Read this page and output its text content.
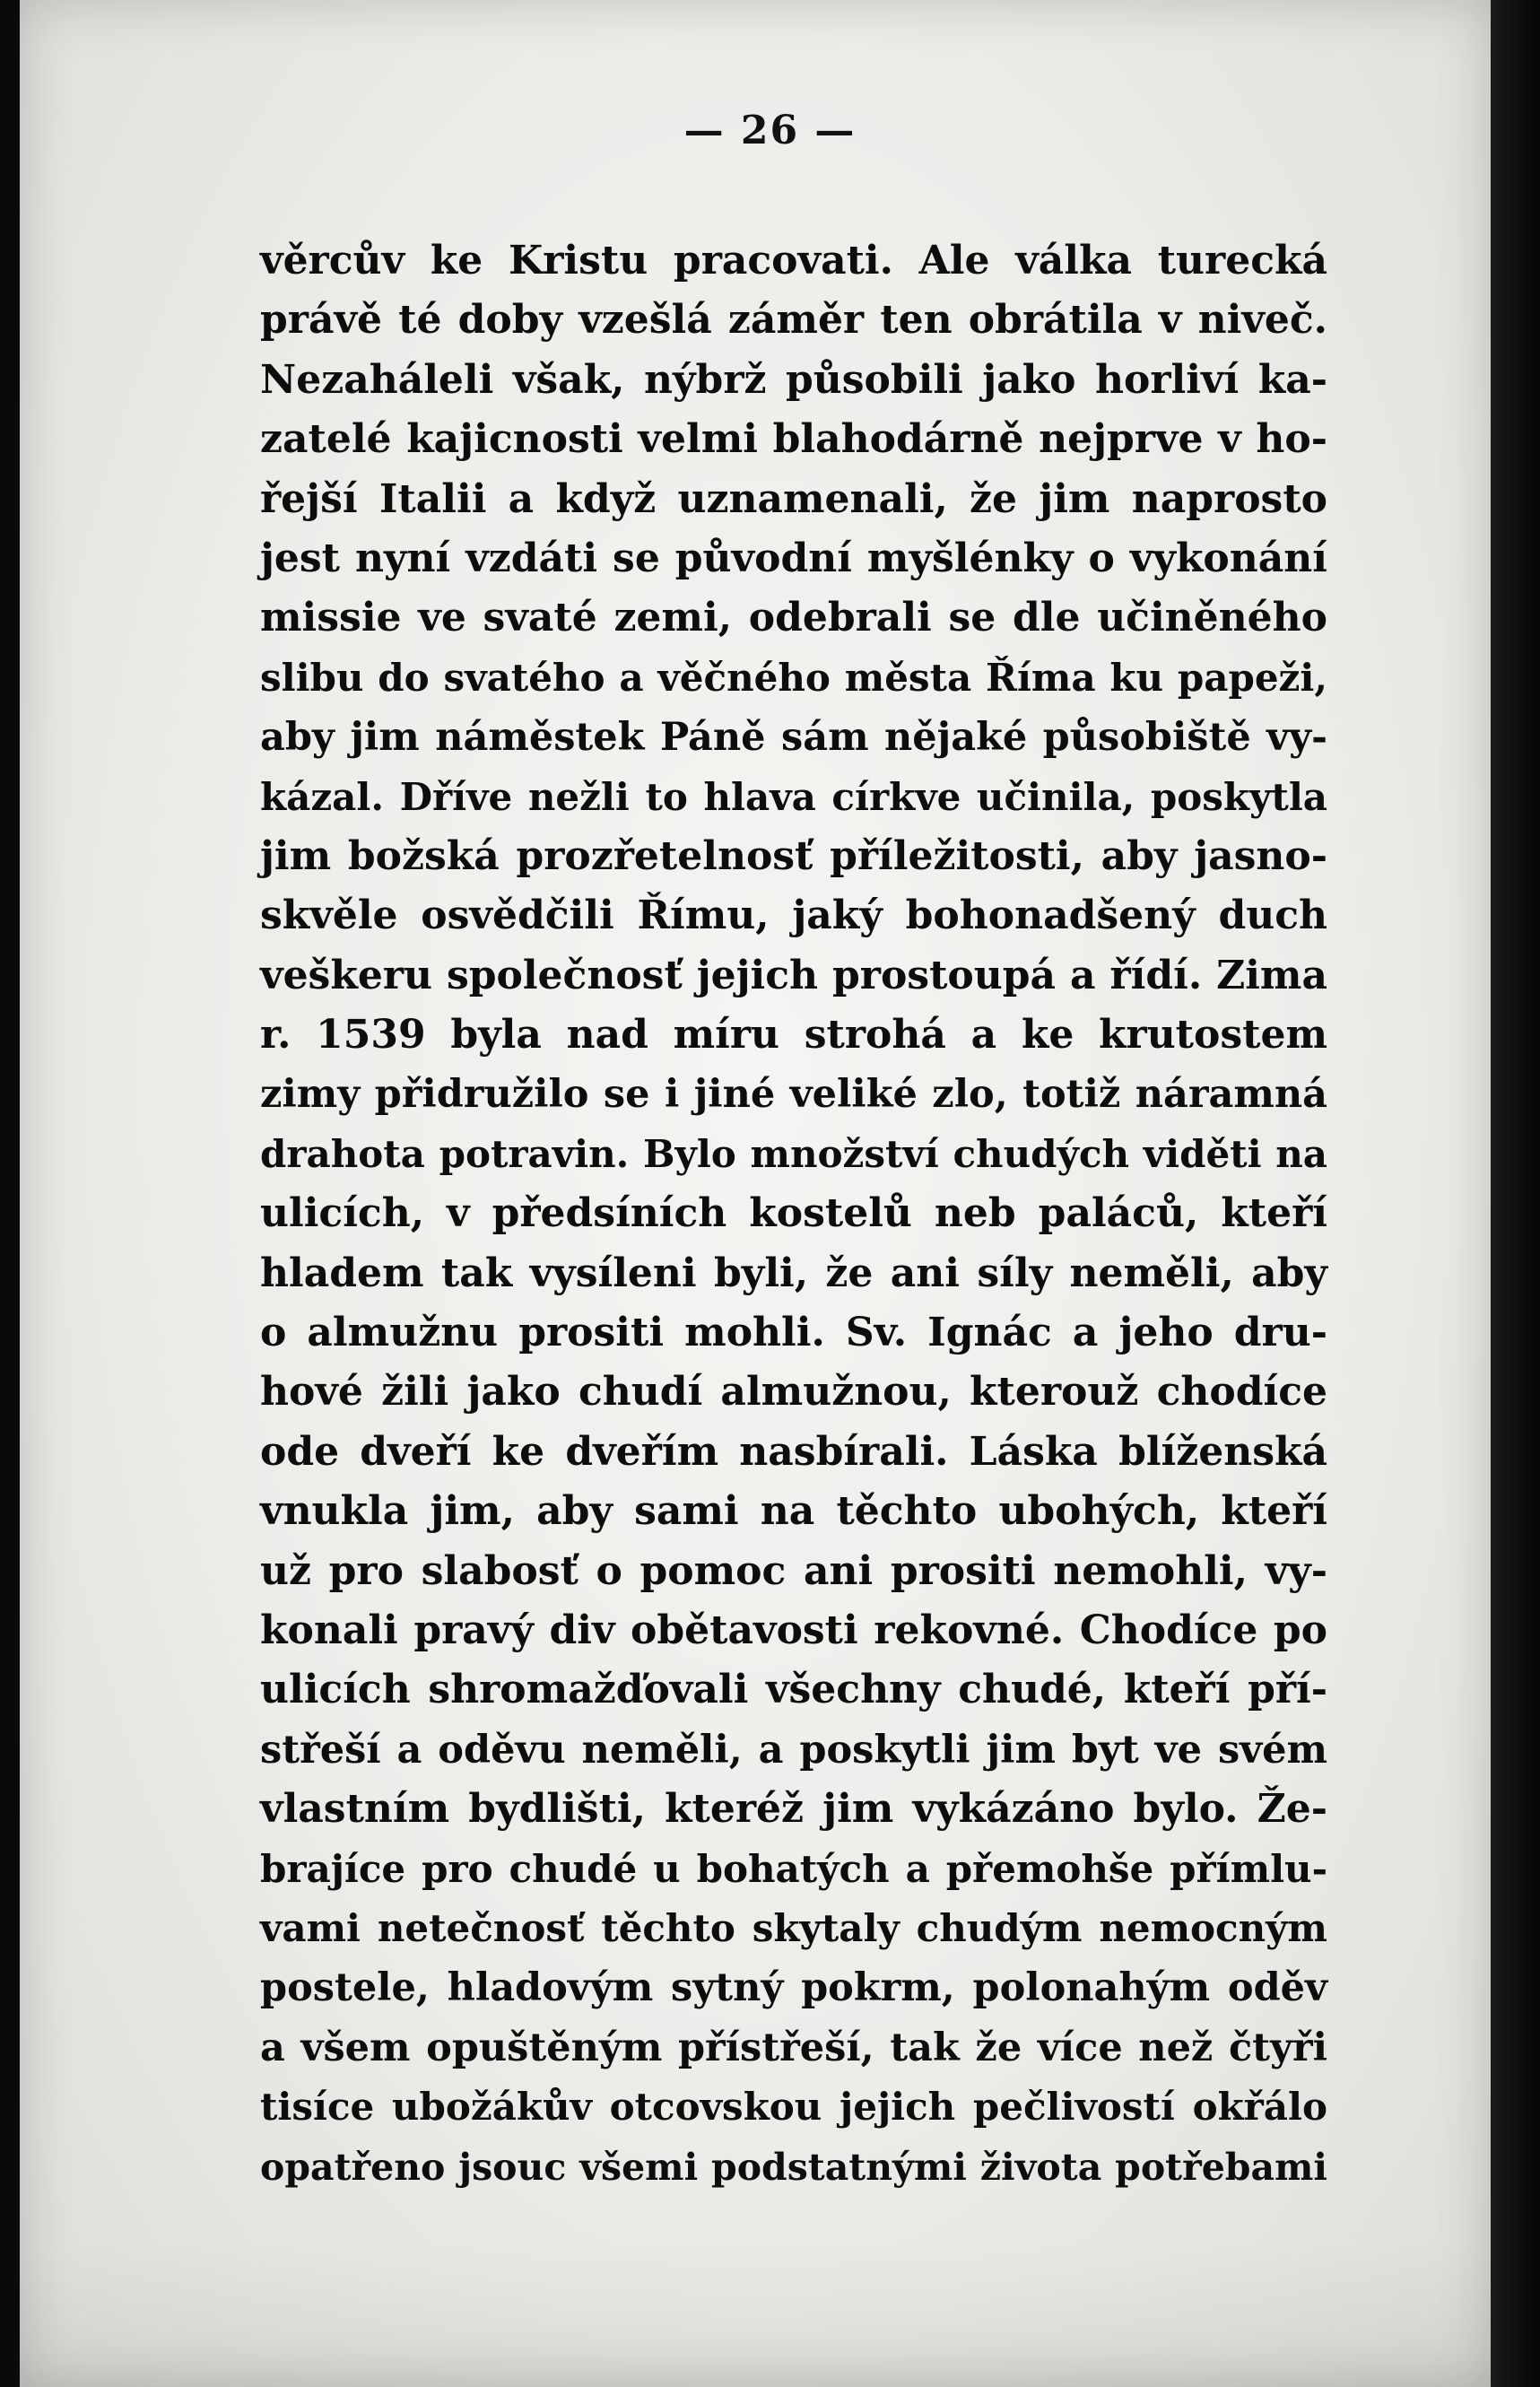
— 26 —
věrcův ke Kristu pracovati. Ale válka turecká
právě té doby vzešlá záměr ten obrátila v niveč.
Nezaháleli však, nýbrž působili jako horliví ka-
zatelé kajicnosti velmi blahodárně nejprve v ho-
řejší Italii a když uznamenali, že jim naprosto
jest nyní vzdáti se původní myšlénky o vykonání
missie ve svaté zemi, odebrali se dle učiněného
slibu do svatého a věčného města Říma ku papeži,
aby jim náměstek Páně sám nějaké působiště vy-
kázal. Dříve nežli to hlava církve učinila, poskytla
jim božská prozřetelnosť příležitosti, aby jasno-
skvěle osvědčili Římu, jaký bohonadšený duch
veškeru společnosť jejich prostoupá a řídí. Zima
r. 1539 byla nad míru strohá a ke krutostem
zimy přidružilo se i jiné veliké zlo, totiž náramná
drahota potravin. Bylo množství chudých viděti na
ulicích, v předsíních kostelů neb paláců, kteří
hladem tak vysíleni byli, že ani síly neměli, aby
o almužnu prositi mohli. Sv. Ignác a jeho dru-
hové žili jako chudí almužnou, kterouž chodíce
ode dveří ke dveřím nasbírali. Láska blíženská
vnukla jim, aby sami na těchto ubohých, kteří
už pro slabosť o pomoc ani prositi nemohli, vy-
konali pravý div obětavosti rekovné. Chodíce po
ulicích shromažďovali všechny chudé, kteří pří-
střeší a oděvu neměli, a poskytli jim byt ve svém
vlastním bydlišti, kteréž jim vykázáno bylo. Že-
brajíce pro chudé u bohatých a přemohše přímlu-
vami netečnosť těchto skytaly chudým nemocným
postele, hladovým sytný pokrm, polonahým oděv
a všem opuštěným přístřeší, tak že více než čtyři
tisíce ubožákův otcovskou jejich pečlivostí okřálo
opatřeno jsouc všemi podstatnými života potřebami
